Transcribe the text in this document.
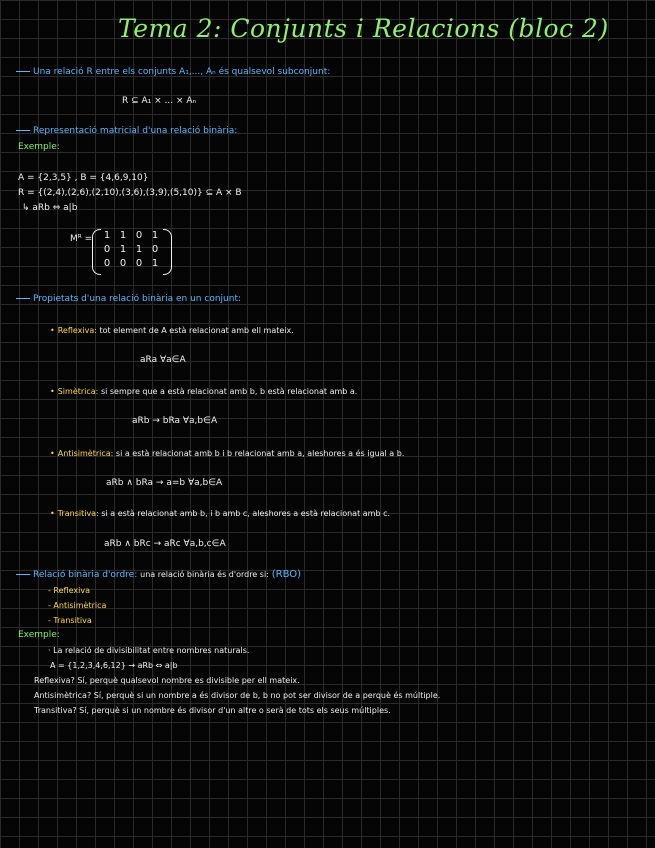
Tema 2: Conjunts i Relacions (bloc 2)
Una relació R entre els conjunts A₁,..., Aₙ és qualsevol subconjunt:
R ⊆ A₁ × ... × Aₙ
Representació matricial d'una relació binària:
Exemple:
A = {2,3,5} , B = {4,6,9,10}
R = {(2,4),(2,6),(2,10),(3,6),(3,9),(5,10)} ⊆ A × B
↳ aRb ⇔ a|b
Mᴿ =	1 1 0 1
0 1 1 0
0 0 0 1
Propietats d'una relació binària en un conjunt:
• Reflexiva: tot element de A està relacionat amb ell mateix.
aRa ∀a∈A
• Simètrica: si sempre que a està relacionat amb b, b està relacionat amb a.
aRb → bRa ∀a,b∈A
• Antisimètrica: si a està relacionat amb b i b relacionat amb a, aleshores a és igual a b.
aRb ∧ bRa → a=b ∀a,b∈A
• Transitiva: si a està relacionat amb b, i b amb c, aleshores a està relacionat amb c.
aRb ∧ bRc → aRc ∀a,b,c∈A
Relació binària d'ordre: una relació binària és d'ordre si: (RBO)
- Reflexiva
- Antisimètrica
- Transitiva
Exemple:
· La relació de divisibilitat entre nombres naturals.
A = {1,2,3,4,6,12} → aRb ⇔ a|b
Reflexiva? Sí, perquè qualsevol nombre es divisible per ell mateix.
Antisimètrica? Sí, perquè si un nombre a és divisor de b, b no pot ser divisor de a perquè és múltiple.
Transitiva? Sí, perquè si un nombre és divisor d'un altre o serà de tots els seus múltiples.
